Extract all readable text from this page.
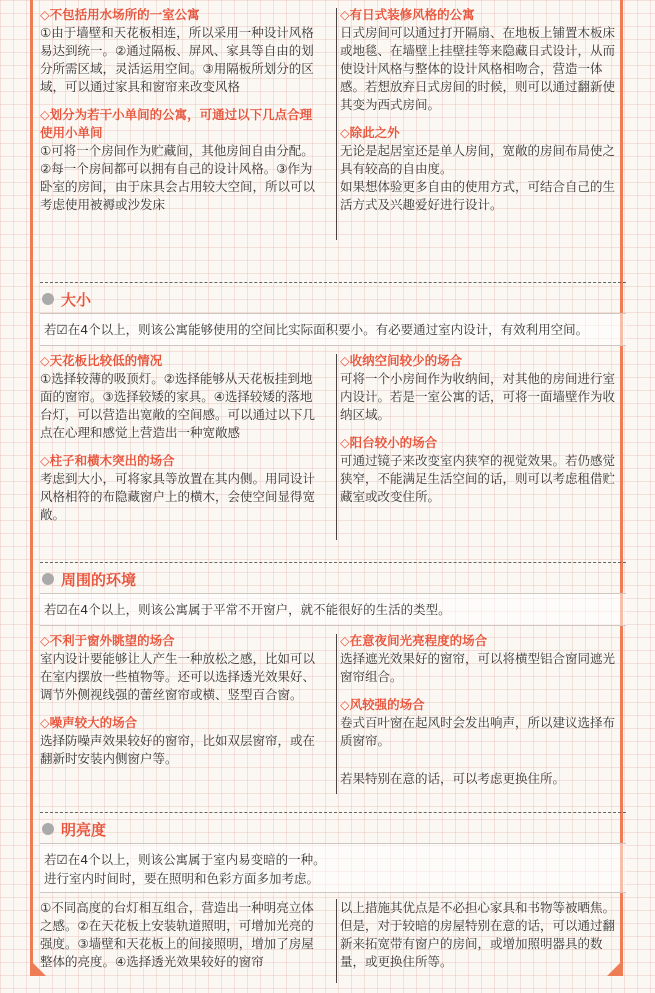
◇不包括用水场所的一室公寓
①由于墙壁和天花板相连，所以采用一种设计风格易达到统一。②通过隔板、屏风、家具等自由的划分所需区域，灵活运用空间。③用隔板所划分的区域，可以通过家具和窗帘来改变风格
◇划分为若干小单间的公寓，可通过以下几点合理使用小单间
①可将一个房间作为贮藏间，其他房间自由分配。②每一个房间都可以拥有自己的设计风格。③作为卧室的房间，由于床具会占用较大空间，所以可以考虑使用被褥或沙发床
◇有日式装修风格的公寓
日式房间可以通过打开隔扇、在地板上铺置木板床或地毯、在墙壁上挂壁挂等来隐藏日式设计，从而使设计风格与整体的设计风格相吻合，营造一体感。若想放弃日式房间的时候，则可以通过翻新使其变为西式房间。
◇除此之外
无论是起居室还是单人房间，宽敞的房间布局使之具有较高的自由度。
如果想体验更多自由的使用方式，可结合自己的生活方式及兴趣爱好进行设计。
大小
若☑在4个以上，则该公寓能够使用的空间比实际面积要小。有必要通过室内设计，有效利用空间。
◇天花板比较低的情况
①选择较薄的吸顶灯。②选择能够从天花板挂到地面的窗帘。③选择较矮的家具。④选择较矮的落地台灯，可以营造出宽敞的空间感。可以通过以下几点在心理和感觉上营造出一种宽敞感
◇柱子和横木突出的场合
考虑到大小，可将家具等放置在其内侧。用同设计风格相符的布隐藏窗户上的横木，会使空间显得宽敞。
◇收纳空间较少的场合
可将一个小房间作为收纳间，对其他的房间进行室内设计。若是一室公寓的话，可将一面墙壁作为收纳区域。
◇阳台较小的场合
可通过镜子来改变室内狭窄的视觉效果。若仍感觉狭窄，不能满足生活空间的话，则可以考虑租借贮藏室或改变住所。
周围的环境
若☑在4个以上，则该公寓属于平常不开窗户，就不能很好的生活的类型。
◇不利于窗外眺望的场合
室内设计要能够让人产生一种放松之感，比如可以在室内摆放一些植物等。还可以选择透光效果好、调节外侧视线强的蕾丝窗帘或横、竖型百合窗。
◇噪声较大的场合
选择防噪声效果较好的窗帘，比如双层窗帘，或在翻新时安装内侧窗户等。
◇在意夜间光亮程度的场合
选择遮光效果好的窗帘，可以将横型铝合窗同遮光窗帘组合。
◇风较强的场合
卷式百叶窗在起风时会发出响声，所以建议选择布质窗帘。
若果特别在意的话，可以考虑更换住所。
明亮度
若☑在4个以上，则该公寓属于室内易变暗的一种。
进行室内时间时，要在照明和色彩方面多加考虑。
①不同高度的台灯相互组合，营造出一种明亮立体之感。②在天花板上安装轨道照明，可增加光亮的强度。③墙壁和天花板上的间接照明，增加了房屋整体的亮度。④选择透光效果较好的窗帘
以上措施其优点是不必担心家具和书物等被晒焦。
但是，对于较暗的房屋特别在意的话，可以通过翻新来拓宽带有窗户的房间，或增加照明器具的数量，或更换住所等。
